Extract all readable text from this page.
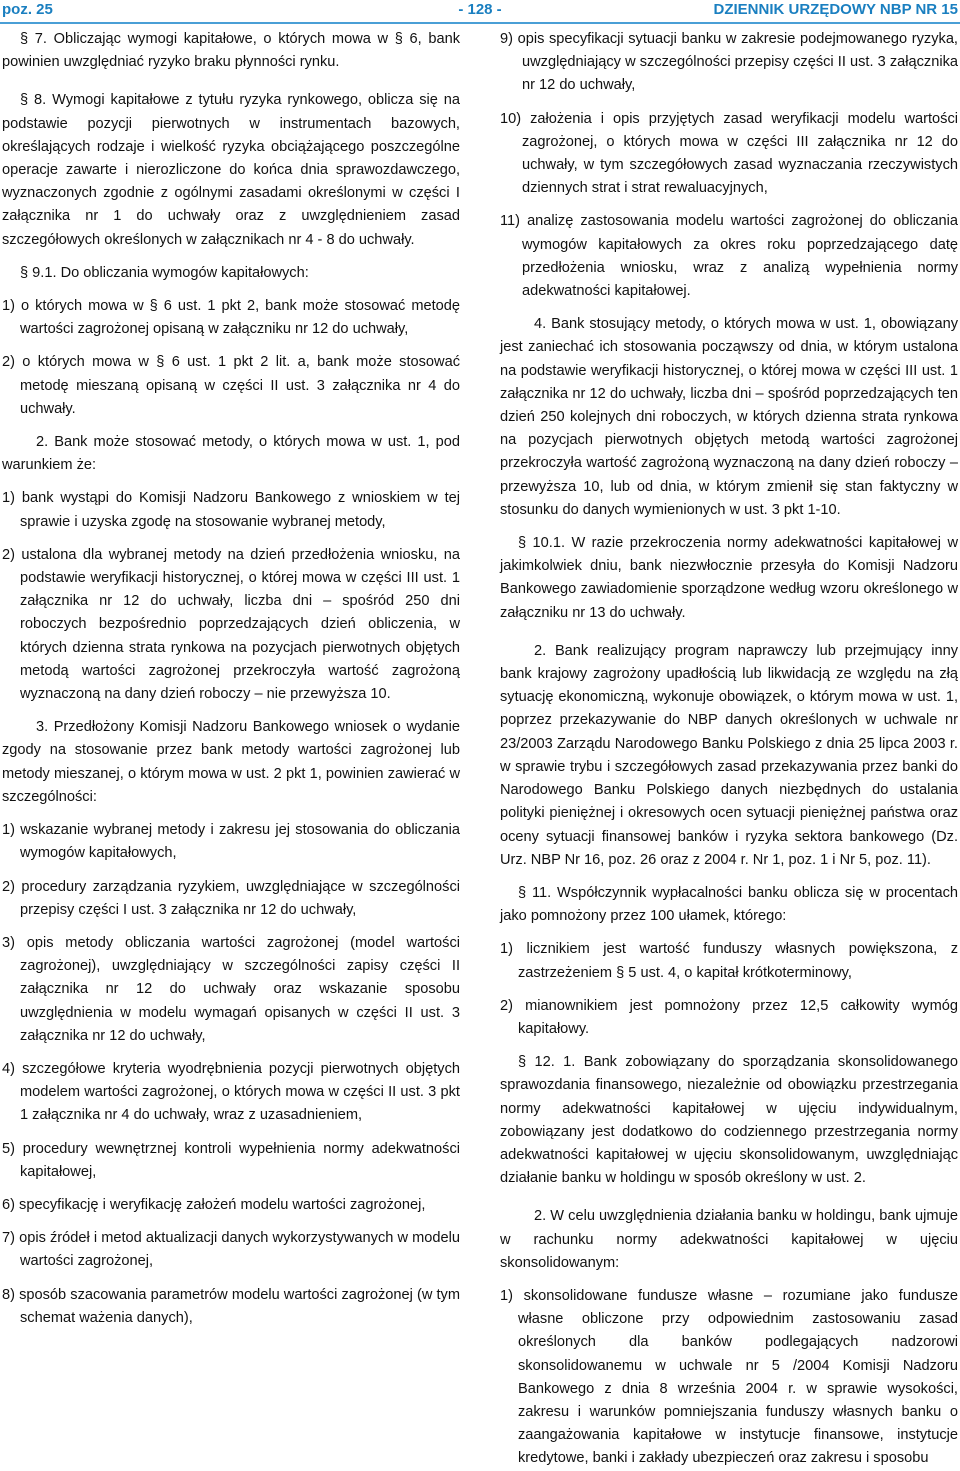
poz. 25	- 128 -	DZIENNIK URZĘDOWY NBP NR 15

§ 7. Obliczając wymogi kapitałowe, o których mowa w § 6, bank powinien uwzględniać ryzyko braku płynności rynku.

§ 8. Wymogi kapitałowe z tytułu ryzyka rynkowego, oblicza się na podstawie pozycji pierwotnych w instrumentach bazowych, określających rodzaje i wielkość ryzyka obciążającego poszczególne operacje zawarte i nierozliczone do końca dnia sprawozdawczego, wyznaczonych zgodnie z ogólnymi zasadami określonymi w części I załącznika nr 1 do uchwały oraz z uwzględnieniem zasad szczegółowych określonych w załącznikach nr 4 - 8 do uchwały.

§ 9.1. Do obliczania wymogów kapitałowych:

1) o których mowa w § 6 ust. 1 pkt 2, bank może stosować metodę wartości zagrożonej opisaną w załączniku nr 12 do uchwały,

2) o których mowa w § 6 ust. 1 pkt 2 lit. a, bank może stosować metodę mieszaną opisaną w części II ust. 3 załącznika nr 4 do uchwały.

2. Bank może stosować metody, o których mowa w ust. 1, pod warunkiem że:

1) bank wystąpi do Komisji Nadzoru Bankowego z wnioskiem w tej sprawie i uzyska zgodę na stosowanie wybranej metody,

2) ustalona dla wybranej metody na dzień przedłożenia wniosku, na podstawie weryfikacji historycznej, o której mowa w części III ust. 1 załącznika nr 12 do uchwały, liczba dni – spośród 250 dni roboczych bezpośrednio poprzedzających dzień obliczenia, w których dzienna strata rynkowa na pozycjach pierwotnych objętych metodą wartości zagrożonej przekroczyła wartość zagrożoną wyznaczoną na dany dzień roboczy – nie przewyższa 10.

3. Przedłożony Komisji Nadzoru Bankowego wniosek o wydanie zgody na stosowanie przez bank metody wartości zagrożonej lub metody mieszanej, o którym mowa w ust. 2 pkt 1, powinien zawierać w szczególności:

1) wskazanie wybranej metody i zakresu jej stosowania do obliczania wymogów kapitałowych,

2) procedury zarządzania ryzykiem, uwzględniające w szczególności przepisy części I ust. 3 załącznika nr 12 do uchwały,

3) opis metody obliczania wartości zagrożonej (model wartości zagrożonej), uwzględniający w szczególności zapisy części II załącznika nr 12 do uchwały oraz wskazanie sposobu uwzględnienia w modelu wymagań opisanych w części II ust. 3 załącznika nr 12 do uchwały,

4) szczegółowe kryteria wyodrębnienia pozycji pierwotnych objętych modelem wartości zagrożonej, o których mowa w części II ust. 3 pkt 1 załącznika nr 4 do uchwały, wraz z uzasadnieniem,

5) procedury wewnętrznej kontroli wypełnienia normy adekwatności kapitałowej,

6) specyfikację i weryfikację założeń modelu wartości zagrożonej,

7) opis źródeł i metod aktualizacji danych wykorzystywanych w modelu wartości zagrożonej,

8) sposób szacowania parametrów modelu wartości zagrożonej (w tym schemat ważenia danych),

9) opis specyfikacji sytuacji banku w zakresie podejmowanego ryzyka, uwzględniający w szczególności przepisy części II ust. 3 załącznika nr 12 do uchwały,

10) założenia i opis przyjętych zasad weryfikacji modelu wartości zagrożonej, o których mowa w części III załącznika nr 12 do uchwały, w tym szczegółowych zasad wyznaczania rzeczywistych dziennych strat i strat rewaluacyjnych,

11) analizę zastosowania modelu wartości zagrożonej do obliczania wymogów kapitałowych za okres roku poprzedzającego datę przedłożenia wniosku, wraz z analizą wypełnienia normy adekwatności kapitałowej.

4. Bank stosujący metody, o których mowa w ust. 1, obowiązany jest zaniechać ich stosowania począwszy od dnia, w którym ustalona na podstawie weryfikacji historycznej, o której mowa w części III ust. 1 załącznika nr 12 do uchwały, liczba dni – spośród poprzedzających ten dzień 250 kolejnych dni roboczych, w których dzienna strata rynkowa na pozycjach pierwotnych objętych metodą wartości zagrożonej przekroczyła wartość zagrożoną wyznaczoną na dany dzień roboczy – przewyższa 10, lub od dnia, w którym zmienił się stan faktyczny w stosunku do danych wymienionych w ust. 3 pkt 1-10.

§ 10.1. W razie przekroczenia normy adekwatności kapitałowej w jakimkolwiek dniu, bank niezwłocznie przesyła do Komisji Nadzoru Bankowego zawiadomienie sporządzone według wzoru określonego w załączniku nr 13 do uchwały.

2. Bank realizujący program naprawczy lub przejmujący inny bank krajowy zagrożony upadłością lub likwidacją ze względu na złą sytuację ekonomiczną, wykonuje obowiązek, o którym mowa w ust. 1, poprzez przekazywanie do NBP danych określonych w uchwale nr 23/2003 Zarządu Narodowego Banku Polskiego z dnia 25 lipca 2003 r. w sprawie trybu i szczegółowych zasad przekazywania przez banki do Narodowego Banku Polskiego danych niezbędnych do ustalania polityki pieniężnej i okresowych ocen sytuacji pieniężnej państwa oraz oceny sytuacji finansowej banków i ryzyka sektora bankowego (Dz. Urz. NBP Nr 16, poz. 26 oraz z 2004 r. Nr 1, poz. 1 i Nr 5, poz. 11).

§ 11. Współczynnik wypłacalności banku oblicza się w procentach jako pomnożony przez 100 ułamek, którego:

1) licznikiem jest wartość funduszy własnych powiększona, z zastrzeżeniem § 5 ust. 4, o kapitał krótkoterminowy,

2) mianownikiem jest pomnożony przez 12,5 całkowity wymóg kapitałowy.

§ 12. 1. Bank zobowiązany do sporządzania skonsolidowanego sprawozdania finansowego, niezależnie od obowiązku przestrzegania normy adekwatności kapitałowej w ujęciu indywidualnym, zobowiązany jest dodatkowo do codziennego przestrzegania normy adekwatności kapitałowej w ujęciu skonsolidowanym, uwzględniając działanie banku w holdingu w sposób określony w ust. 2.

2. W celu uwzględnienia działania banku w holdingu, bank ujmuje w rachunku normy adekwatności kapitałowej w ujęciu skonsolidowanym:

1) skonsolidowane fundusze własne – rozumiane jako fundusze własne obliczone przy odpowiednim zastosowaniu zasad określonych dla banków podlegających nadzorowi skonsolidowanemu w uchwale nr 5 /2004 Komisji Nadzoru Bankowego z dnia 8 września 2004 r. w sprawie wysokości, zakresu i warunków pomniejszania funduszy własnych banku o zaangażowania kapitałowe w instytucje finansowe, instytucje kredytowe, banki i zakłady ubezpieczeń oraz zakresu i sposobu
